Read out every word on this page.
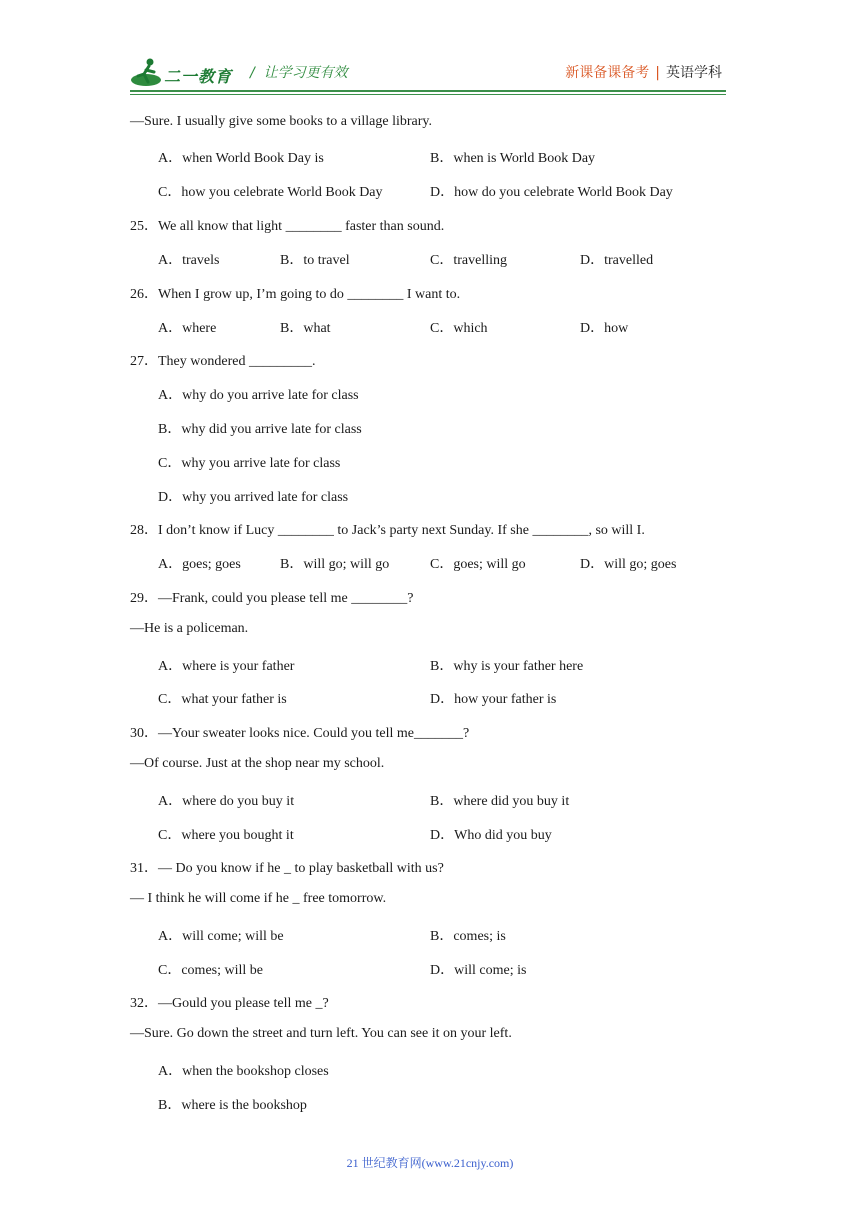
二一教育 /  让学习更有效	新课备课备考 | 英语学科
—Sure. I usually give some books to a village library.
A．when World Book Day is	B．when is World Book Day
C．how you celebrate World Book Day	D．how do you celebrate World Book Day
25．We all know that light ________ faster than sound.
A．travels	B．to travel	C．travelling	D．travelled
26．When I grow up, I’m going to do ________ I want to.
A．where	B．what	C．which	D．how
27．They wondered _________.
A．why do you arrive late for class
B．why did you arrive late for class
C．why you arrive late for class
D．why you arrived late for class
28．I don’t know if Lucy ________ to Jack’s party next Sunday. If she ________, so will I.
A．goes; goes	B．will go; will go	C．goes; will go	D．will go; goes
29．—Frank, could you please tell me ________?
—He is a policeman.
A．where is your father	B．why is your father here
C．what your father is	D．how your father is
30．—Your sweater looks nice. Could you tell me_______?
—Of course. Just at the shop near my school.
A．where do you buy it	B．where did you buy it
C．where you bought it	D．Who did you buy
31．— Do you know if he _ to play basketball with us?
— I think he will come if he _ free tomorrow.
A．will come; will be	B．comes; is
C．comes; will be	D．will come; is
32．—Gould you please tell me _?
—Sure. Go down the street and turn left. You can see it on your left.
A．when the bookshop closes
B．where is the bookshop
21 世纪教育网(www.21cnjy.com)
